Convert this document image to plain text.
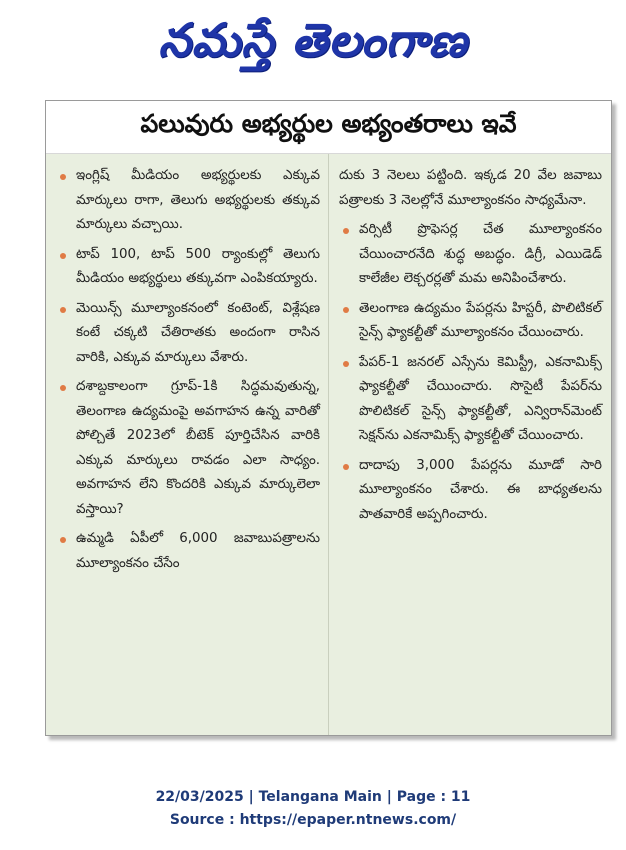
నమస్తే తెలంగాణ
పలువురు అభ్యర్థుల అభ్యంతరాలు ఇవే
ఇంగ్లిష్ మీడియం అభ్యర్థులకు ఎక్కువ మార్కులు రాగా, తెలుగు అభ్యర్థులకు తక్కువ మార్కులు వచ్చాయి.
టాప్ 100, టాప్ 500 ర్యాంకుల్లో తెలుగు మీడియం అభ్యర్థులు తక్కువగా ఎంపికయ్యారు.
మెయిన్స్ మూల్యాంకనంలో కంటెంట్, విశ్లేషణ కంటే చక్కటి చేతిరాతకు అందంగా రాసిన వారికి, ఎక్కువ మార్కులు వేశారు.
దశాబ్దకాలంగా గ్రూప్-1కి సిద్ధమవుతున్న, తెలంగాణ ఉద్యమంపై అవగాహన ఉన్న వారితో పోల్చితే 2023లో బీటెక్ పూర్తిచేసిన వారికి ఎక్కువ మార్కులు రావడం ఎలా సాధ్యం. అవగాహన లేని కొందరికి ఎక్కువ మార్కులెలా వస్తాయి?
ఉమ్మడి ఏపీలో 6,000 జవాబుపత్రాలను మూల్యాంకనం చేసేం
దుకు 3 నెలలు పట్టింది. ఇక్కడ 20 వేల జవాబు పత్రాలకు 3 నెలల్లోనే మూల్యాంకనం సాధ్యమేనా.
వర్సిటీ ప్రొఫెసర్ల చేత మూల్యాంకనం చేయించారనేది శుద్ధ అబద్ధం. డిగ్రీ, ఎయిడెడ్ కాలేజీల లెక్చరర్లతో మమ అనిపించేశారు.
తెలంగాణ ఉద్యమం పేపర్లను హిస్టరీ, పొలిటికల్ సైన్స్ ఫ్యాకల్టీతో మూల్యాంకనం చేయించారు.
పేపర్-1 జనరల్ ఎస్సేను కెమిస్ట్రీ, ఎకనామిక్స్ ఫ్యాకల్టీతో చేయించారు. సొసైటీ పేపర్‌ను పొలిటికల్ సైన్స్ ఫ్యాకల్టీతో, ఎన్విరాన్‌మెంట్ సెక్షన్‌ను ఎకనామిక్స్ ఫ్యాకల్టీతో చేయించారు.
దాదాపు 3,000 పేపర్లను మూడో సారి మూల్యాంకనం చేశారు. ఈ బాధ్యతలను పాతవారికే అప్పగించారు.
22/03/2025 | Telangana Main | Page : 11
Source : https://epaper.ntnews.com/
